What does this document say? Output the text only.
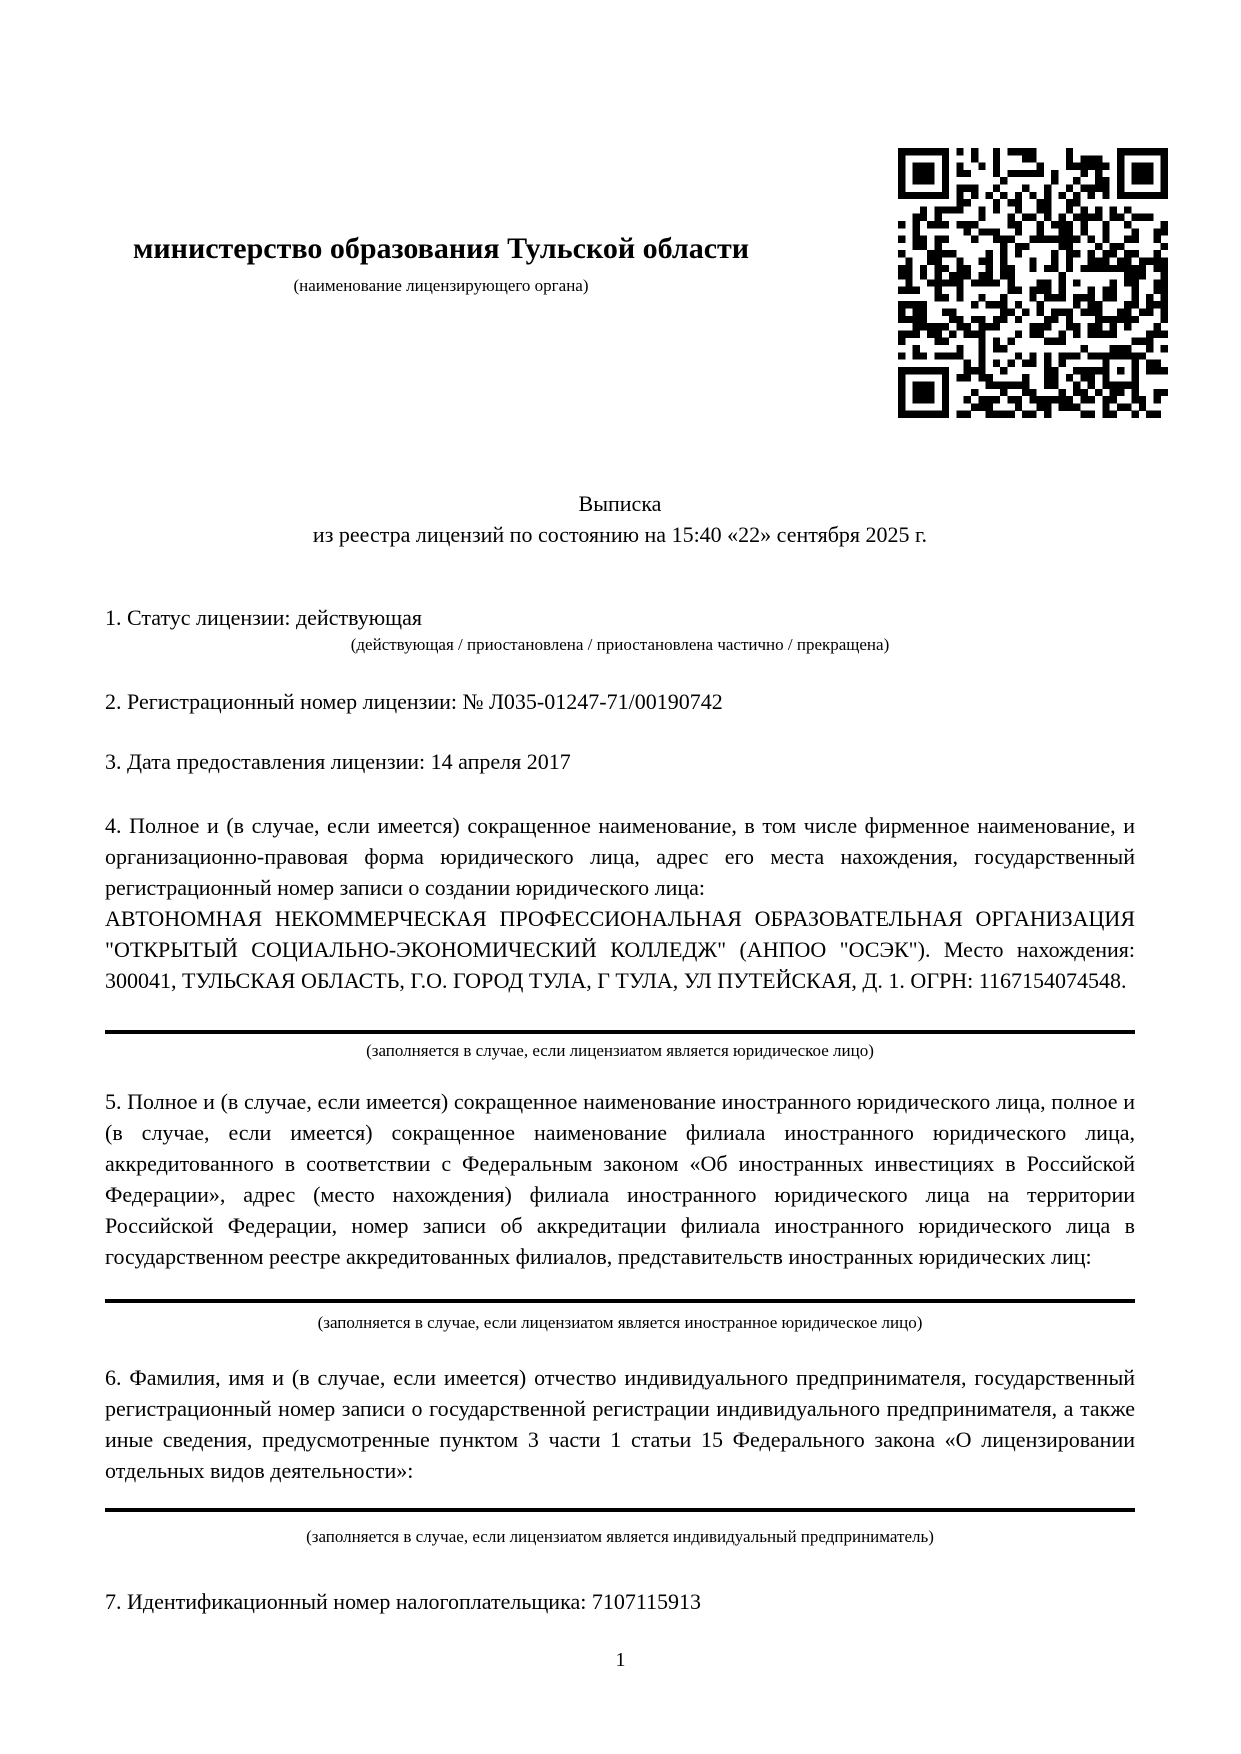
министерство образования Тульской области
(наименование лицензирующего органа)
Выписка
из реестра лицензий по состоянию на 15:40 «22» сентября 2025 г.
1. Статус лицензии: действующая
(действующая / приостановлена / приостановлена частично / прекращена)
2. Регистрационный номер лицензии: № Л035-01247-71/00190742
3. Дата предоставления лицензии: 14 апреля 2017

4. Полное и (в случае, если имеется) сокращенное наименование, в том числе фирменное наименование, и организационно-правовая форма юридического лица, адрес его места нахождения, государственный регистрационный номер записи о создании юридического лица:

АВТОНОМНАЯ НЕКОММЕРЧЕСКАЯ ПРОФЕССИОНАЛЬНАЯ ОБРАЗОВАТЕЛЬНАЯ ОРГАНИЗАЦИЯ "ОТКРЫТЫЙ СОЦИАЛЬНО-ЭКОНОМИЧЕСКИЙ КОЛЛЕДЖ" (АНПОО "ОСЭК"). Место нахождения: 300041, ТУЛЬСКАЯ ОБЛАСТЬ, Г.О. ГОРОД ТУЛА, Г ТУЛА, УЛ ПУТЕЙСКАЯ, Д. 1. ОГРН: 1167154074548.

(заполняется в случае, если лицензиатом является юридическое лицо)

5. Полное и (в случае, если имеется) сокращенное наименование иностранного юридического лица, полное и (в случае, если имеется) сокращенное наименование филиала иностранного юридического лица, аккредитованного в соответствии с Федеральным законом «Об иностранных инвестициях в Российской Федерации», адрес (место нахождения) филиала иностранного юридического лица на территории Российской Федерации, номер записи об аккредитации филиала иностранного юридического лица в государственном реестре аккредитованных филиалов, представительств иностранных юридических лиц:

(заполняется в случае, если лицензиатом является иностранное юридическое лицо)

6. Фамилия, имя и (в случае, если имеется) отчество индивидуального предпринимателя, государственный регистрационный номер записи о государственной регистрации индивидуального предпринимателя, а также иные сведения, предусмотренные пунктом 3 части 1 статьи 15 Федерального закона «О лицензировании отдельных видов деятельности»:

(заполняется в случае, если лицензиатом является индивидуальный предприниматель)
7. Идентификационный номер налогоплательщика: 7107115913
1
